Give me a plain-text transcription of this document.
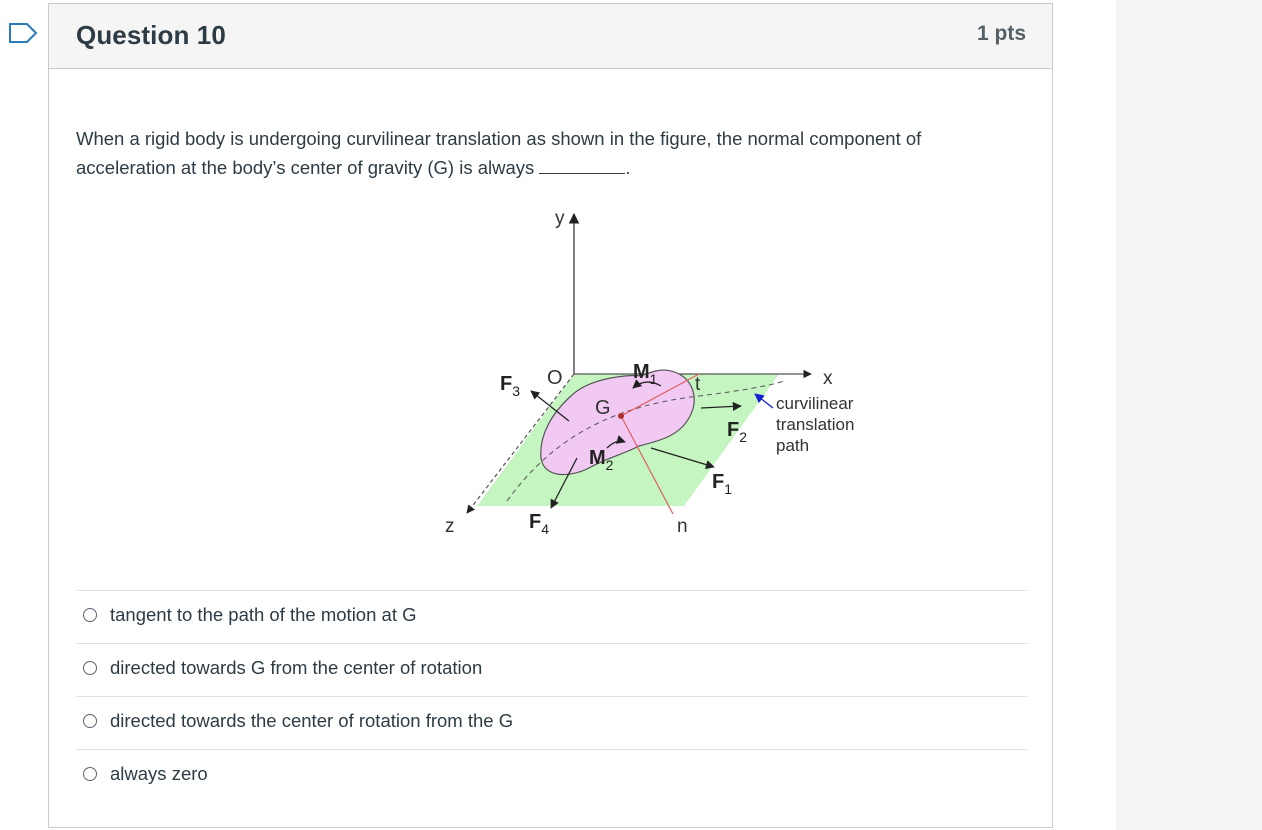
Question 10	1 pts
When a rigid body is undergoing curvilinear translation as shown in the figure, the normal component of acceleration at the body’s center of gravity (G) is always	.
y
x
z
O
G
t
n
$M_1$
$M_2$
$F_1$
$F_2$
$F_3$
$F_4$
curvilinear translation path
tangent to the path of the motion at G
directed towards G from the center of rotation
directed towards the center of rotation from the G
always zero
